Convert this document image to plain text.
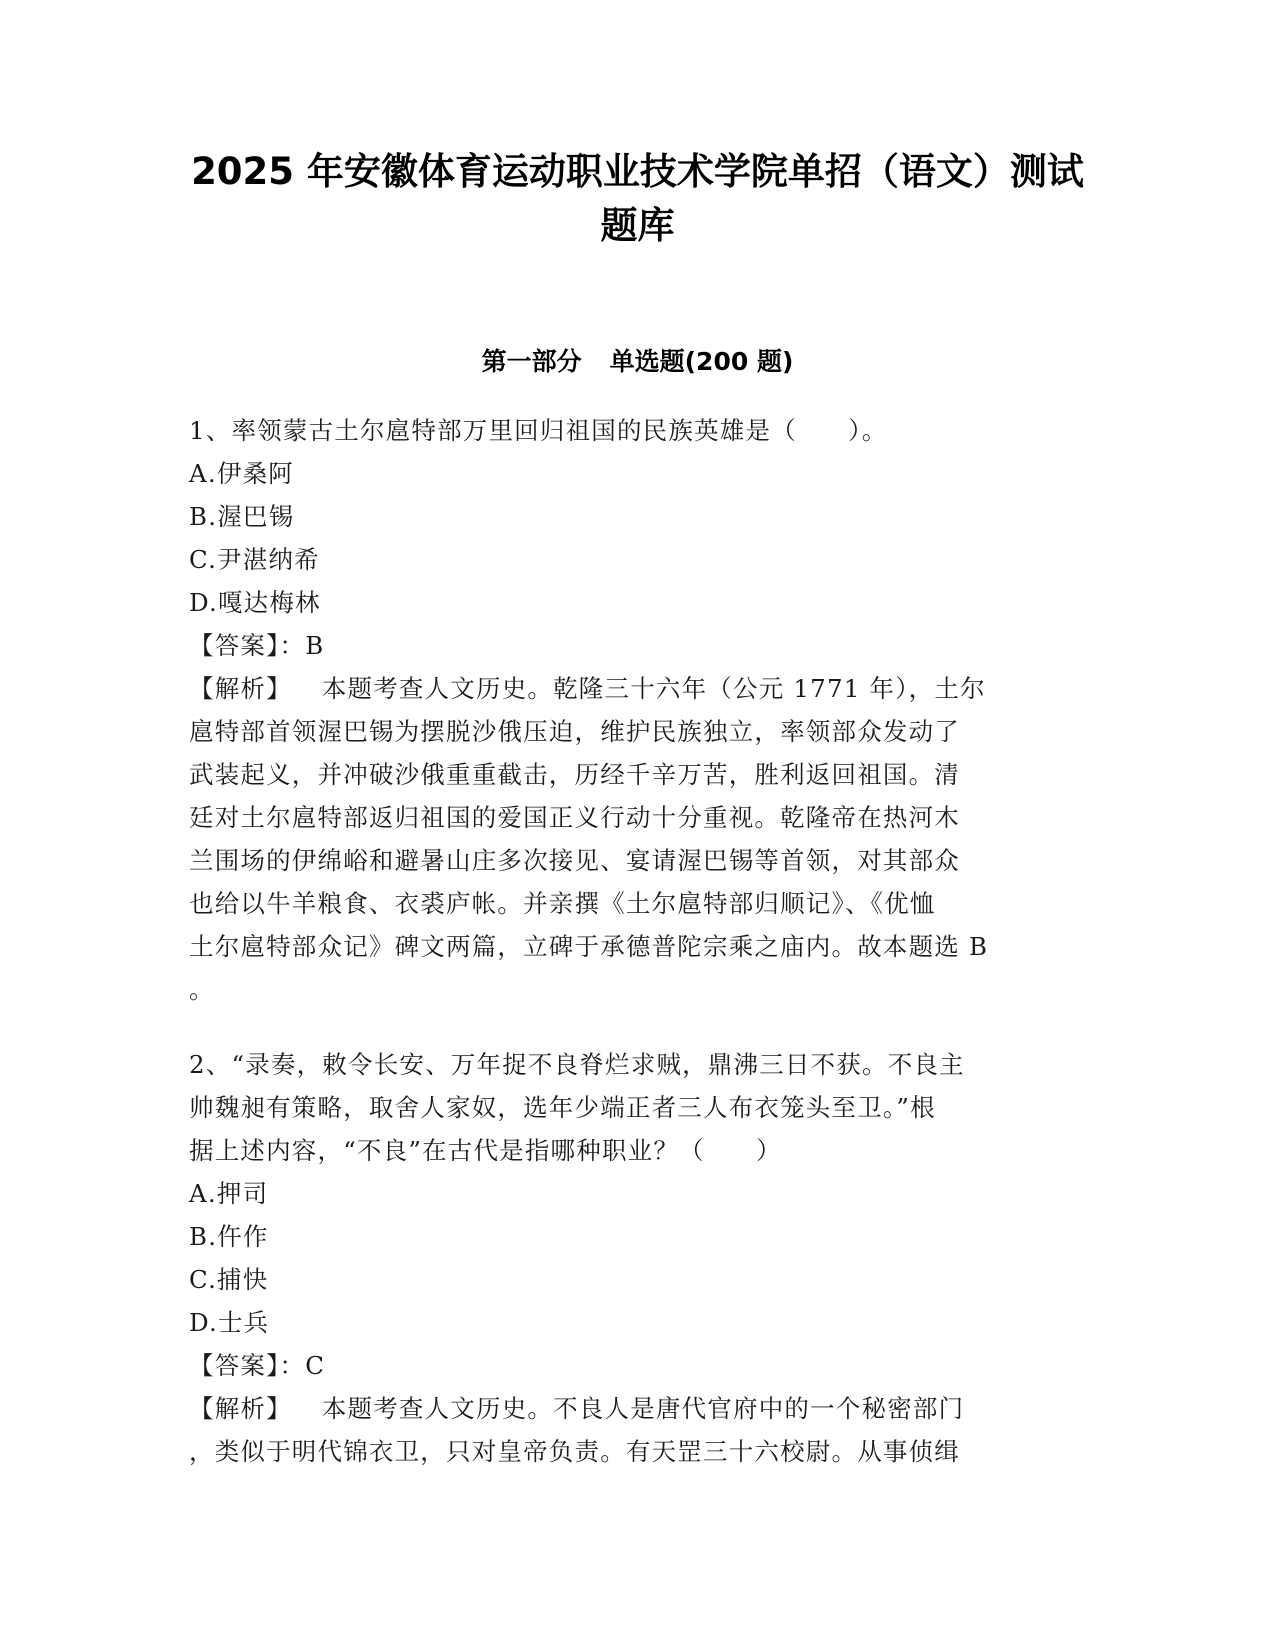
2025 年安徽体育运动职业技术学院单招（语文）测试
题库
第一部分 单选题(200 题)
1、率领蒙古土尔扈特部万里回归祖国的民族英雄是（　　）。
A.伊桑阿
B.渥巴锡
C.尹湛纳希
D.嘎达梅林
【答案】：B
【解析】 本题考查人文历史。乾隆三十六年（公元 1771 年），土尔
扈特部首领渥巴锡为摆脱沙俄压迫，维护民族独立，率领部众发动了
武装起义，并冲破沙俄重重截击，历经千辛万苦，胜利返回祖国。清
廷对土尔扈特部返归祖国的爱国正义行动十分重视。乾隆帝在热河木
兰围场的伊绵峪和避暑山庄多次接见、宴请渥巴锡等首领，对其部众
也给以牛羊粮食、衣裘庐帐。并亲撰《土尔扈特部归顺记》、《优恤
土尔扈特部众记》碑文两篇，立碑于承德普陀宗乘之庙内。故本题选 B
。
2、“录奏，敕令长安、万年捉不良脊烂求贼，鼎沸三日不获。不良主
帅魏昶有策略，取舍人家奴，选年少端正者三人布衣笼头至卫。”根
据上述内容，“不良”在古代是指哪种职业？（　　）
A.押司
B.仵作
C.捕快
D.士兵
【答案】：C
【解析】 本题考查人文历史。不良人是唐代官府中的一个秘密部门
，类似于明代锦衣卫，只对皇帝负责。有天罡三十六校尉。从事侦缉
